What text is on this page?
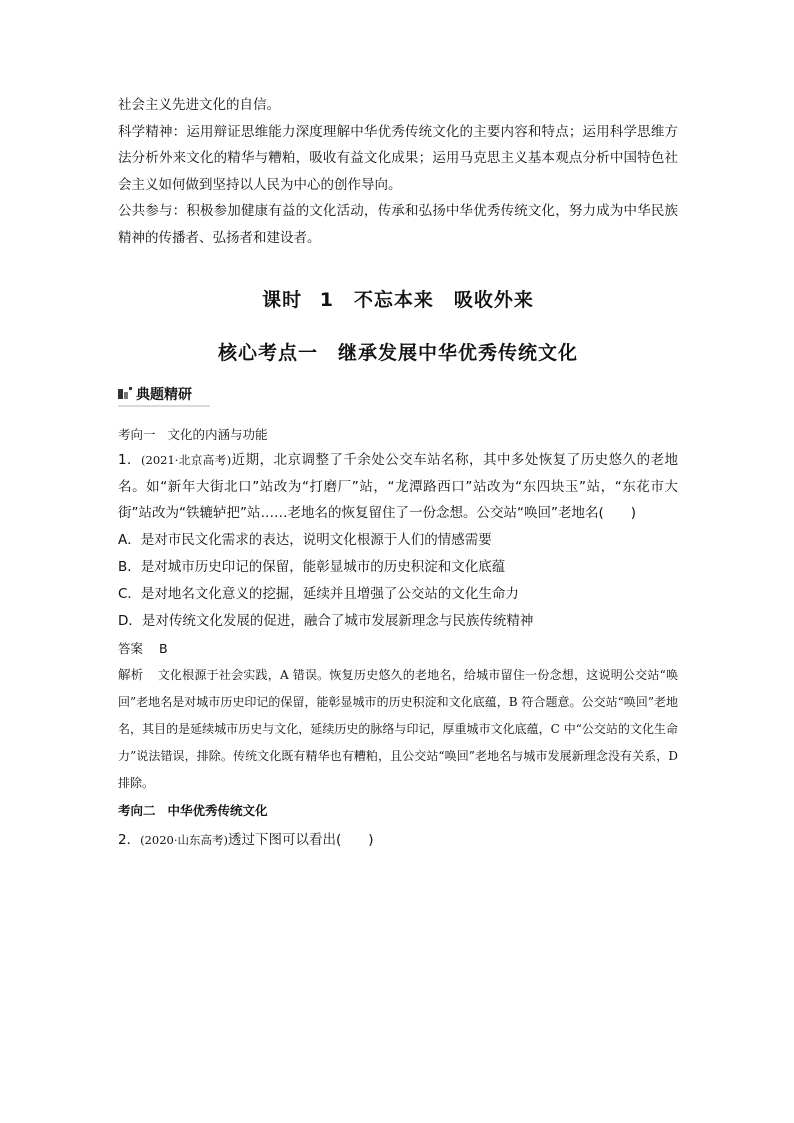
社会主义先进文化的自信。

科学精神：运用辩证思维能力深度理解中华优秀传统文化的主要内容和特点；运用科学思维方法分析外来文化的精华与糟粕，吸收有益文化成果；运用马克思主义基本观点分析中国特色社会主义如何做到坚持以人民为中心的创作导向。

公共参与：积极参加健康有益的文化活动，传承和弘扬中华优秀传统文化，努力成为中华民族精神的传播者、弘扬者和建设者。

课时 1　不忘本来　吸收外来
核心考点一　继承发展中华优秀传统文化
典题精研
考向一 文化的内涵与功能

1．(2021·北京高考)近期，北京调整了千余处公交车站名称，其中多处恢复了历史悠久的老地名。如“新年大街北口”站改为“打磨厂”站，“龙潭路西口”站改为“东四块玉”站，“东花市大街”站改为“铁辘轳把”站……老地名的恢复留住了一份念想。公交站“唤回”老地名(　　)

A．是对市民文化需求的表达，说明文化根源于人们的情感需要

B．是对城市历史印记的保留，能彰显城市的历史积淀和文化底蕴

C．是对地名文化意义的挖掘，延续并且增强了公交站的文化生命力

D．是对传统文化发展的促进，融合了城市发展新理念与民族传统精神

答案 B

解析 文化根源于社会实践，A 错误。恢复历史悠久的老地名，给城市留住一份念想，这说明公交站“唤回”老地名是对城市历史印记的保留，能彰显城市的历史积淀和文化底蕴，B 符合题意。公交站“唤回”老地名，其目的是延续城市历史与文化，延续历史的脉络与印记，厚重城市文化底蕴，C 中“公交站的文化生命力”说法错误，排除。传统文化既有精华也有糟粕，且公交站“唤回”老地名与城市发展新理念没有关系，D 排除。

考向二 中华优秀传统文化

2．(2020·山东高考)透过下图可以看出(　　)
